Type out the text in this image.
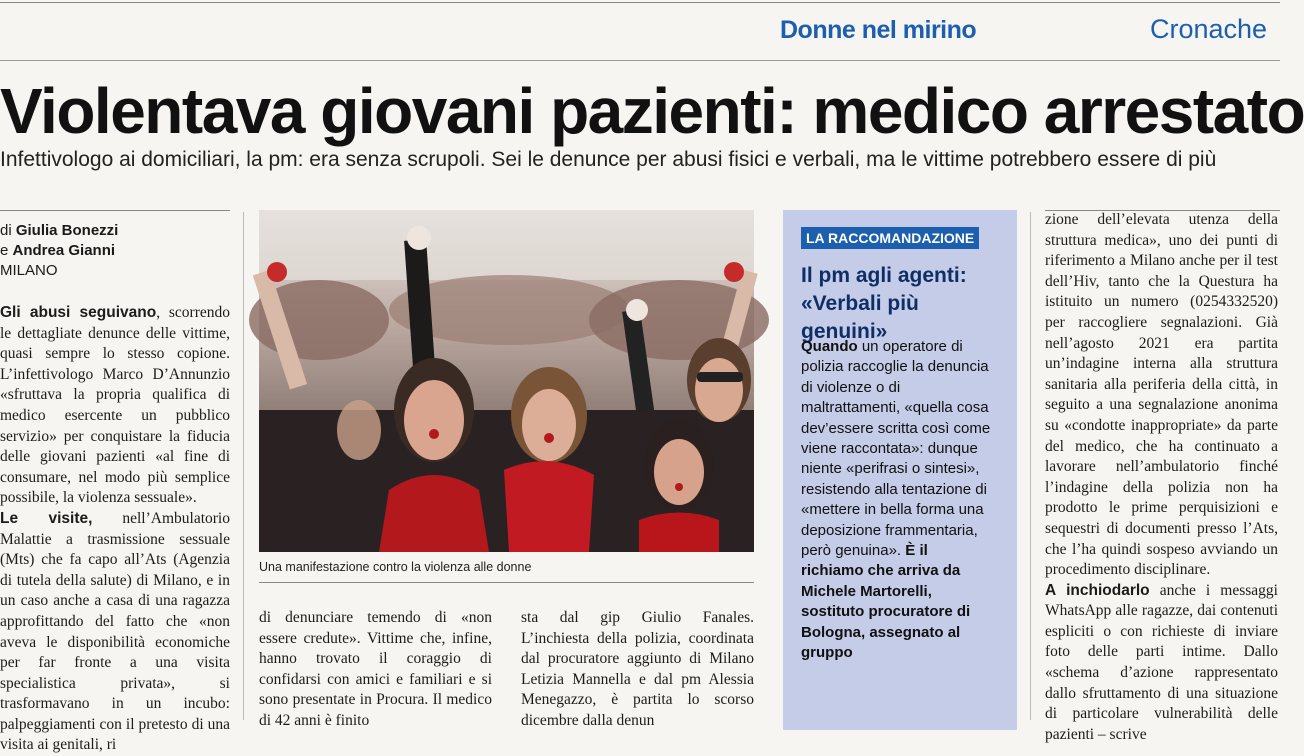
Donne nel mirino	Cronache
Violentava giovani pazienti: medico arrestato
Infettivologo ai domiciliari, la pm: era senza scrupoli. Sei le denunce per abusi fisici e verbali, ma le vittime potrebbero essere di più
di Giulia Bonezzi
e Andrea Gianni
MILANO

Gli abusi seguivano, scorrendo le dettagliate denunce delle vittime, quasi sempre lo stesso copione. L’infettivologo Marco D’Annunzio «sfruttava la propria qualifica di medico esercente un pubblico servizio» per conquistare la fiducia delle giovani pazienti «al fine di consumare, nel modo più semplice possibile, la violenza sessuale».

Le visite, nell’Ambulatorio Malattie a trasmissione sessuale (Mts) che fa capo all’Ats (Agenzia di tutela della salute) di Milano, e in un caso anche a casa di una ragazza approfittando del fatto che «non aveva le disponibilità economiche per far fronte a una visita specialistica privata», si trasformavano in un incubo: palpeggiamenti con il pretesto di una visita ai genitali, ri

Una manifestazione contro la violenza alle donne

di denunciare temendo di «non essere credute». Vittime che, infine, hanno trovato il coraggio di confidarsi con amici e familiari e si sono presentate in Procura. Il medico di 42 anni è finito

sta dal gip Giulio Fanales. L’inchiesta della polizia, coordinata dal procuratore aggiunto di Milano Letizia Mannella e dal pm Alessia Menegazzo, è partita lo scorso dicembre dalla denun

LA RACCOMANDAZIONE
Il pm agli agenti: «Verbali più genuini»
Quando un operatore di polizia raccoglie la denuncia di violenze o di maltrattamenti, «quella cosa dev’essere scritta così come viene raccontata»: dunque niente «perifrasi o sintesi», resistendo alla tentazione di «mettere in bella forma una deposizione frammentaria, però genuina». È il richiamo che arriva da Michele Martorelli, sostituto procuratore di Bologna, assegnato al gruppo

zione dell’elevata utenza della struttura medica», uno dei punti di riferimento a Milano anche per il test dell’Hiv, tanto che la Questura ha istituito un numero (0254332520) per raccogliere segnalazioni. Già nell’agosto 2021 era partita un’indagine interna alla struttura sanitaria alla periferia della città, in seguito a una segnalazione anonima su «condotte inappropriate» da parte del medico, che ha continuato a lavorare nell’ambulatorio finché l’indagine della polizia non ha prodotto le prime perquisizioni e sequestri di documenti presso l’Ats, che l’ha quindi sospeso avviando un procedimento disciplinare.

A inchiodarlo anche i messaggi WhatsApp alle ragazze, dai contenuti espliciti o con richieste di inviare foto delle parti intime. Dallo «schema d’azione rappresentato dallo sfruttamento di una situazione di particolare vulnerabilità delle pazienti – scrive
